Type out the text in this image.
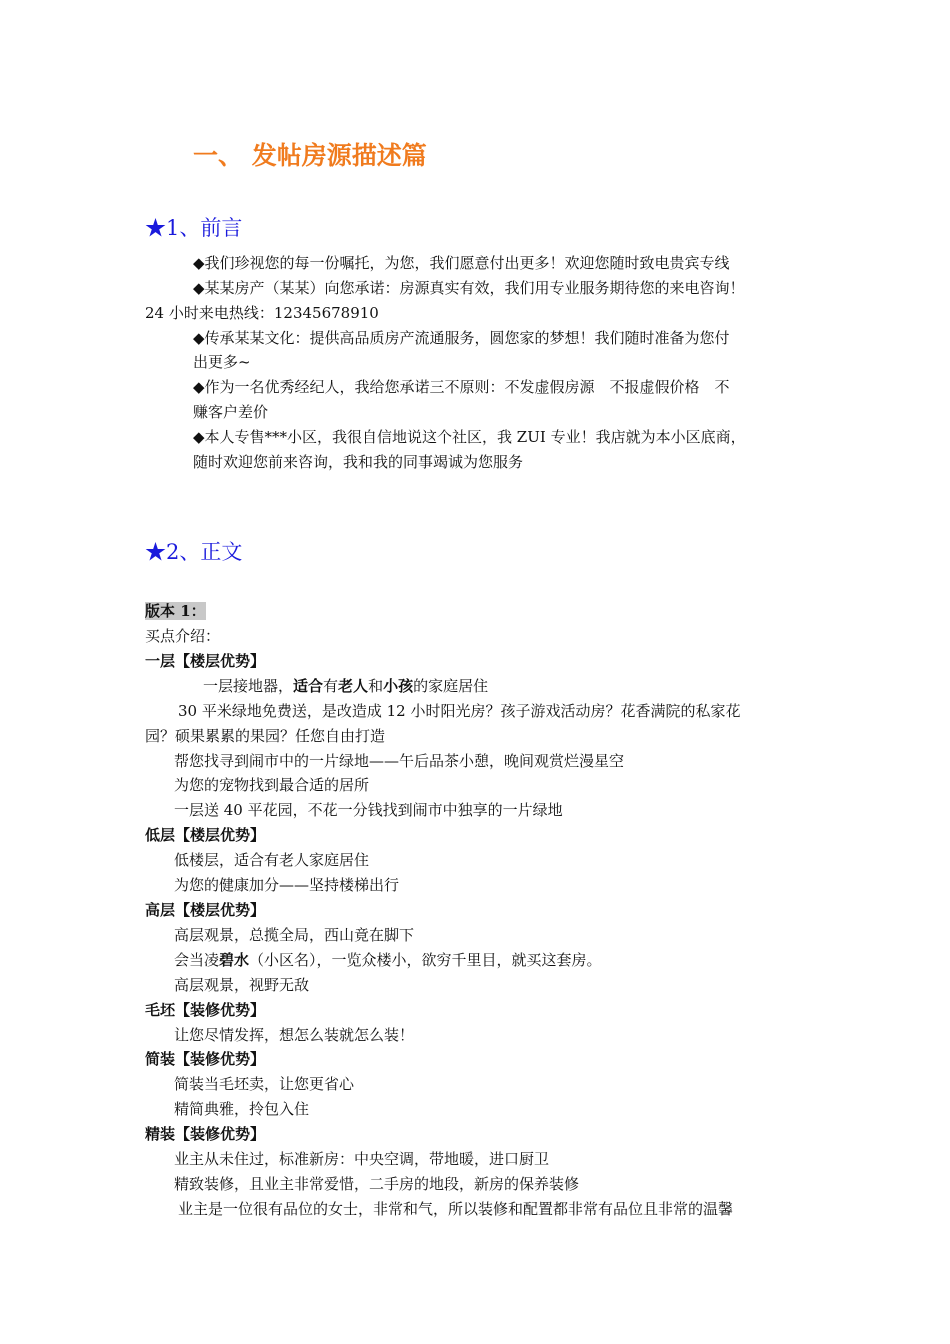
一、 发帖房源描述篇
★1、前言
◆我们珍视您的每一份嘱托，为您，我们愿意付出更多！欢迎您随时致电贵宾专线
◆某某房产（某某）向您承诺：房源真实有效，我们用专业服务期待您的来电咨询！
24 小时来电热线：12345678910
◆传承某某文化：提供高品质房产流通服务，圆您家的梦想！我们随时准备为您付
出更多~
◆作为一名优秀经纪人，我给您承诺三不原则：不发虚假房源　不报虚假价格　不
赚客户差价
◆本人专售***小区，我很自信地说这个社区，我 ZUI 专业！我店就为本小区底商，
随时欢迎您前来咨询，我和我的同事竭诚为您服务
★2、正文
版本 1：
买点介绍：
一层【楼层优势】
一层接地器，适合有老人和小孩的家庭居住
30 平米绿地免费送，是改造成 12 小时阳光房？孩子游戏活动房？花香满院的私家花
园？硕果累累的果园？任您自由打造
帮您找寻到闹市中的一片绿地——午后品茶小憩，晚间观赏烂漫星空
为您的宠物找到最合适的居所
一层送 40 平花园，不花一分钱找到闹市中独享的一片绿地
低层【楼层优势】
低楼层，适合有老人家庭居住
为您的健康加分——坚持楼梯出行
高层【楼层优势】
高层观景，总揽全局，西山竟在脚下
会当凌碧水（小区名），一览众楼小，欲穷千里目，就买这套房。
高层观景，视野无敌
毛坯【装修优势】
让您尽情发挥，想怎么装就怎么装！
简装【装修优势】
简装当毛坯卖，让您更省心
精简典雅，拎包入住
精装【装修优势】
业主从未住过，标准新房：中央空调，带地暖，进口厨卫
精致装修，且业主非常爱惜，二手房的地段，新房的保养装修
业主是一位很有品位的女士，非常和气，所以装修和配置都非常有品位且非常的温馨
